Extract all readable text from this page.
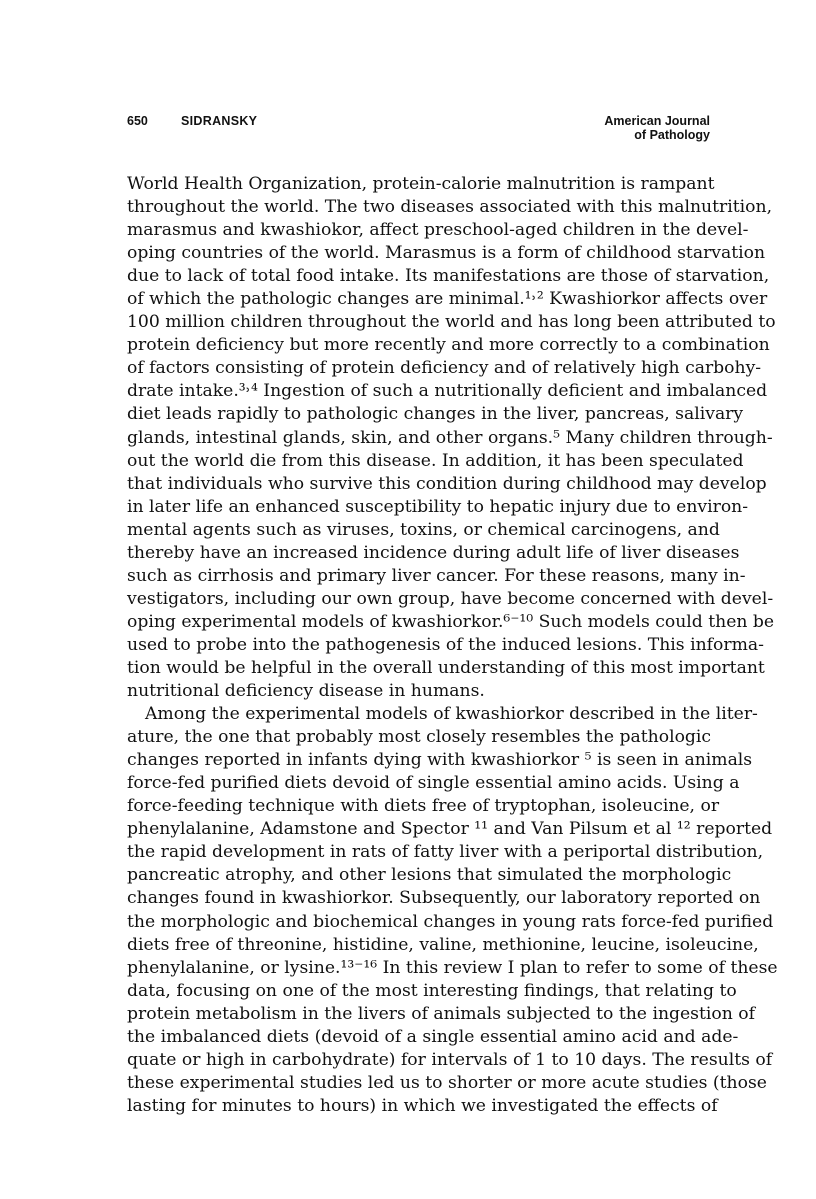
650	SIDRANSKY	American Journal
of Pathology
World Health Organization, protein-calorie malnutrition is rampant
throughout the world. The two diseases associated with this malnutrition,
marasmus and kwashiokor, affect preschool-aged children in the devel-
oping countries of the world. Marasmus is a form of childhood starvation
due to lack of total food intake. Its manifestations are those of starvation,
of which the pathologic changes are minimal.¹˒² Kwashiorkor affects over
100 million children throughout the world and has long been attributed to
protein deficiency but more recently and more correctly to a combination
of factors consisting of protein deficiency and of relatively high carbohy-
drate intake.³˒⁴ Ingestion of such a nutritionally deficient and imbalanced
diet leads rapidly to pathologic changes in the liver, pancreas, salivary
glands, intestinal glands, skin, and other organs.⁵ Many children through-
out the world die from this disease. In addition, it has been speculated
that individuals who survive this condition during childhood may develop
in later life an enhanced susceptibility to hepatic injury due to environ-
mental agents such as viruses, toxins, or chemical carcinogens, and
thereby have an increased incidence during adult life of liver diseases
such as cirrhosis and primary liver cancer. For these reasons, many in-
vestigators, including our own group, have become concerned with devel-
oping experimental models of kwashiorkor.⁶⁻¹⁰ Such models could then be
used to probe into the pathogenesis of the induced lesions. This informa-
tion would be helpful in the overall understanding of this most important
nutritional deficiency disease in humans.
Among the experimental models of kwashiorkor described in the liter-
ature, the one that probably most closely resembles the pathologic
changes reported in infants dying with kwashiorkor ⁵ is seen in animals
force-fed purified diets devoid of single essential amino acids. Using a
force-feeding technique with diets free of tryptophan, isoleucine, or
phenylalanine, Adamstone and Spector ¹¹ and Van Pilsum et al ¹² reported
the rapid development in rats of fatty liver with a periportal distribution,
pancreatic atrophy, and other lesions that simulated the morphologic
changes found in kwashiorkor. Subsequently, our laboratory reported on
the morphologic and biochemical changes in young rats force-fed purified
diets free of threonine, histidine, valine, methionine, leucine, isoleucine,
phenylalanine, or lysine.¹³⁻¹⁶ In this review I plan to refer to some of these
data, focusing on one of the most interesting findings, that relating to
protein metabolism in the livers of animals subjected to the ingestion of
the imbalanced diets (devoid of a single essential amino acid and ade-
quate or high in carbohydrate) for intervals of 1 to 10 days. The results of
these experimental studies led us to shorter or more acute studies (those
lasting for minutes to hours) in which we investigated the effects of
